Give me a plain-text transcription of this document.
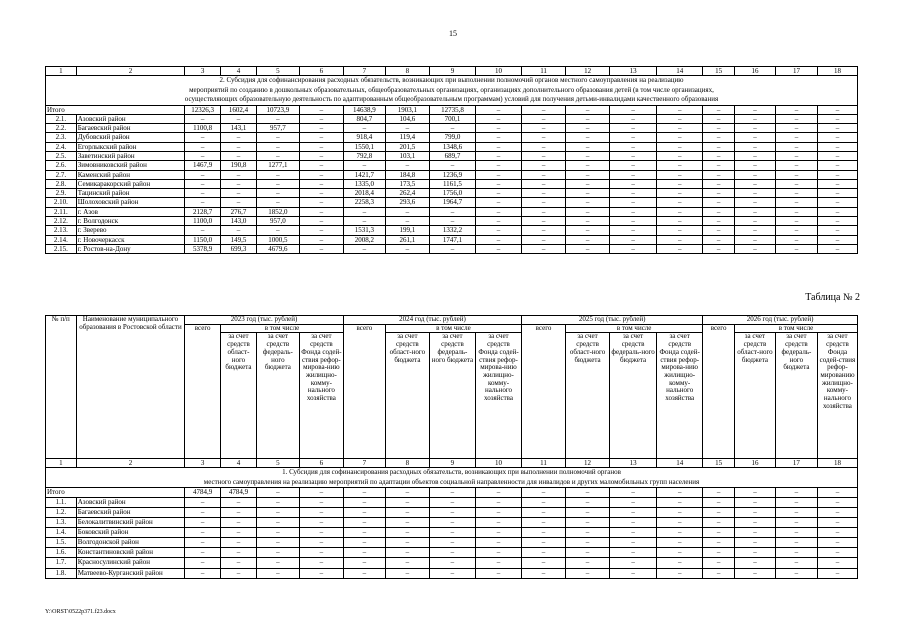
15
1	2	3	4	5	6	7	8	9	10	11	12	13	14	15	16	17	18

2. Субсидия для софинансирования расходных обязательств, возникающих при выполнении полномочий органов местного самоуправления на реализацию
мероприятий по созданию в дошкольных образовательных, общеобразовательных организациях, организациях дополнительного образования детей (в том числе организациях,
осуществляющих образовательную деятельность по адаптированным общеобразовательным программам) условий для получения детьми-инвалидами качественного образования																	

Итого		12326,3	1602,4	10723,9	–	14638,9	1903,1	12735,8	–	–	–	–	–	–	–	–	–
2.1.	Азовский район	–	–	–	–	804,7	104,6	700,1	–	–	–	–	–	–	–	–	–
2.2.	Багаевский район	1100,8	143,1	957,7	–	–	–	–	–	–	–	–	–	–	–	–	–
2.3.	Дубовский район	–	–	–	–	918,4	119,4	799,0	–	–	–	–	–	–	–	–	–
2.4.	Егорлыкский район	–	–	–	–	1550,1	201,5	1348,6	–	–	–	–	–	–	–	–	–
2.5.	Заветинский район	–	–	–	–	792,8	103,1	689,7	–	–	–	–	–	–	–	–	–
2.6.	Зимовниковский район	1467,9	190,8	1277,1	–	–	–	–	–	–	–	–	–	–	–	–	–
2.7.	Каменский район	–	–	–	–	1421,7	184,8	1236,9	–	–	–	–	–	–	–	–	–
2.8.	Семикаракорский район	–	–	–	–	1335,0	173,5	1161,5	–	–	–	–	–	–	–	–	–
2.9.	Тацинский район	–	–	–	–	2018,4	262,4	1756,0	–	–	–	–	–	–	–	–	–
2.10.	Шолоховский район	–	–	–	–	2258,3	293,6	1964,7	–	–	–	–	–	–	–	–	–
2.11.	г. Азов	2128,7	276,7	1852,0	–	–	–	–	–	–	–	–	–	–	–	–	–
2.12.	г. Волгодонск	1100,0	143,0	957,0	–	–	–	–	–	–	–	–	–	–	–	–	–
2.13.	г. Зверево	–	–	–	–	1531,3	199,1	1332,2	–	–	–	–	–	–	–	–	–
2.14.	г. Новочеркасск	1150,0	149,5	1000,5	–	2008,2	261,1	1747,1	–	–	–	–	–	–	–	–	–
2.15.	г. Ростов-на-Дону	5378,9	699,3	4679,6	–	–	–	–	–	–	–	–	–	–	–	–	–
Таблица № 2
№ п/п	Наименование муниципального образования в Ростовской области	2023 год (тыс. рублей)				2024 год (тыс. рублей)				2025 год (тыс. рублей)				2026 год (тыс. рублей)			
		всего	в том числе			всего	в том числе			всего	в том числе			всего	в том числе		
			за счет средств област-ного бюджета	за счет средств федераль-ного бюджета	за счет средств Фонда содей-ствия рефор-мирова-нию жилищно-комму-нального хозяйства		за счет средств област-ного бюджета	за счет средств федераль-ного бюджета	за счет средств Фонда содей-ствия рефор-мирова-нию жилищно-комму-нального хозяйства		за счет средств област-ного бюджета	за счет средств федераль-ного бюджета	за счет средств Фонда содей-ствия рефор-мирова-нию жилищно-комму-нального хозяйства		за счет средств област-ного бюджета	за счет средств федераль-ного бюджета	за счет средств Фонда содей-ствия рефор-мированию жилищно-комму-нального хозяйства
1	2	3	4	5	6	7	8	9	10	11	12	13	14	15	16	17	18

1. Субсидия для софинансирования расходных обязательств, возникающих при выполнении полномочий органов
местного самоуправления на реализацию мероприятий по адаптации объектов социальной направленности для инвалидов и других маломобильных групп населения																	

Итого		4784,9	4784,9	–	–	–	–	–	–	–	–	–	–	–	–	–	–
1.1.	Азовский район	–	–	–	–	–	–	–	–	–	–	–	–	–	–	–	–
1.2.	Багаевский район	–	–	–	–	–	–	–	–	–	–	–	–	–	–	–	–
1.3.	Белокалитвинский район	–	–	–	–	–	–	–	–	–	–	–	–	–	–	–	–
1.4.	Боковский район	–	–	–	–	–	–	–	–	–	–	–	–	–	–	–	–
1.5.	Волгодонской район	–	–	–	–	–	–	–	–	–	–	–	–	–	–	–	–
1.6.	Константиновский район	–	–	–	–	–	–	–	–	–	–	–	–	–	–	–	–
1.7.	Красносулинский район	–	–	–	–	–	–	–	–	–	–	–	–	–	–	–	–
1.8.	Матвеево-Курганский район	–	–	–	–	–	–	–	–	–	–	–	–	–	–	–	–
Y:\ORST\0522p371.f23.docx
